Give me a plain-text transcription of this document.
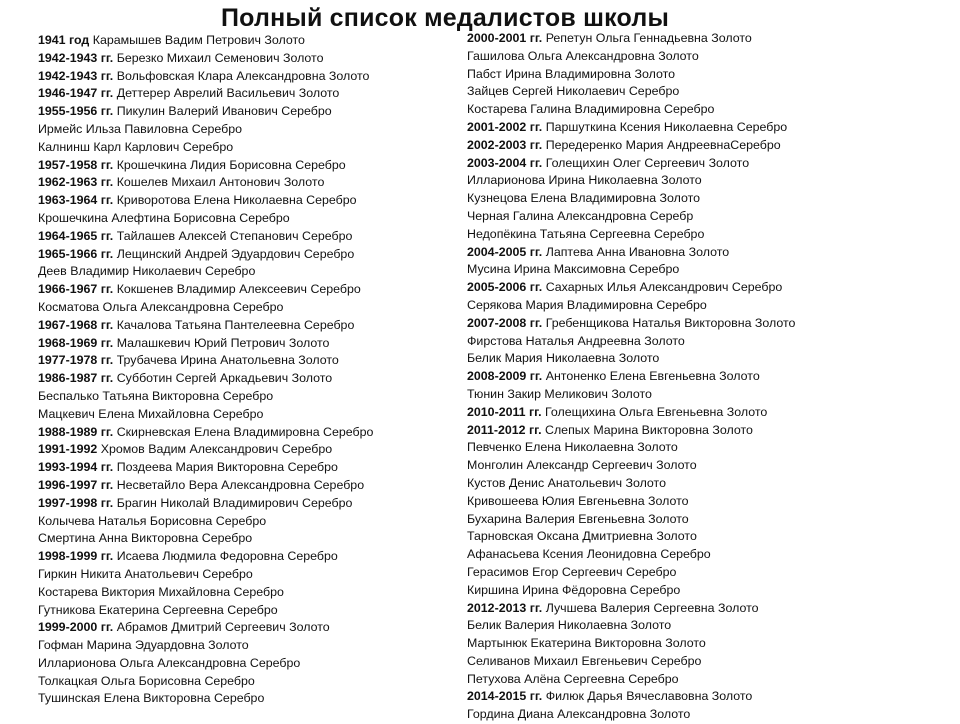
Полный список медалистов школы
1941 год Карамышев Вадим Петрович Золото
1942-1943 гг. Березко Михаил Семенович Золото
1942-1943 гг. Вольфовская Клара Александровна Золото
1946-1947 гг. Деттерер Аврелий Васильевич Золото
1955-1956 гг. Пикулин Валерий Иванович Серебро
Ирмейс Ильза Павиловна Серебро
Калнинш Карл Карлович Серебро
1957-1958 гг. Крошечкина Лидия Борисовна Серебро
1962-1963 гг. Кошелев Михаил Антонович Золото
1963-1964 гг. Криворотова Елена Николаевна Серебро
Крошечкина Алефтина Борисовна Серебро
1964-1965 гг. Тайлашев Алексей Степанович Серебро
1965-1966 гг. Лещинский Андрей Эдуардович Серебро
Деев Владимир Николаевич Серебро
1966-1967 гг. Кокшенев Владимир Алексеевич Серебро
Косматова Ольга Александровна Серебро
1967-1968 гг. Качалова Татьяна Пантелеевна Серебро
1968-1969 гг. Малашкевич Юрий Петрович Золото
1977-1978 гг. Трубачева Ирина Анатольевна Золото
1986-1987 гг. Субботин Сергей Аркадьевич Золото
Беспалько Татьяна Викторовна Серебро
Мацкевич Елена Михайловна Серебро
1988-1989 гг. Скирневская Елена Владимировна Серебро
1991-1992 Хромов Вадим Александрович Серебро
1993-1994 гг. Поздеева Мария Викторовна Серебро
1996-1997 гг. Несветайло Вера Александровна Серебро
1997-1998 гг. Брагин Николай Владимирович Серебро
Колычева Наталья Борисовна Серебро
Смертина Анна Викторовна Серебро
1998-1999 гг. Исаева Людмила Федоровна Серебро
Гиркин Никита Анатольевич Серебро
Костарева Виктория Михайловна Серебро
Гутникова Екатерина Сергеевна Серебро
1999-2000 гг. Абрамов Дмитрий Сергеевич Золото
Гофман Марина Эдуардовна Золото
Илларионова Ольга Александровна Серебро
Толкацкая Ольга Борисовна Серебро
Тушинская Елена Викторовна Серебро
2000-2001 гг. Репетун Ольга Геннадьевна Золото
Гашилова Ольга Александровна Золото
Пабст Ирина Владимировна Золото
Зайцев Сергей Николаевич Серебро
Костарева Галина Владимировна Серебро
2001-2002 гг. Паршуткина Ксения Николаевна Серебро
2002-2003 гг. Передеренко Мария АндреевнаСеребро
2003-2004 гг. Голещихин Олег Сергеевич Золото
Илларионова Ирина Николаевна Золото
Кузнецова Елена Владимировна Золото
Черная Галина Александровна Серебр
Недопёкина Татьяна Сергеевна Серебро
2004-2005 гг. Лаптева Анна Ивановна Золото
Мусина Ирина Максимовна Серебро
2005-2006 гг. Сахарных Илья Александрович Серебро
Серякова Мария Владимировна Серебро
2007-2008 гг. Гребенщикова Наталья Викторовна Золото
Фирстова Наталья Андреевна Золото
Белик Мария Николаевна Золото
2008-2009 гг. Антоненко Елена Евгеньевна Золото
Тюнин Закир Меликович Золото
2010-2011 гг. Голещихина Ольга Евгеньевна Золото
2011-2012 гг. Слепых Марина Викторовна Золото
Певченко Елена Николаевна Золото
Монголин Александр Сергеевич Золото
Кустов Денис Анатольевич Золото
Кривошеева Юлия Евгеньевна Золото
Бухарина Валерия Евгеньевна Золото
Тарновская Оксана Дмитриевна Золото
Афанасьева Ксения Леонидовна Серебро
Герасимов Егор Сергеевич Серебро
Киршина Ирина Фёдоровна Серебро
2012-2013 гг. Лучшева Валерия Сергеевна Золото
Белик Валерия Николаевна Золото
Мартынюк Екатерина Викторовна Золото
Селиванов Михаил Евгеньевич Серебро
Петухова Алёна Сергеевна Серебро
2014-2015 гг. Филюк Дарья Вячеславовна Золото
Гордина Диана Александровна Золото
